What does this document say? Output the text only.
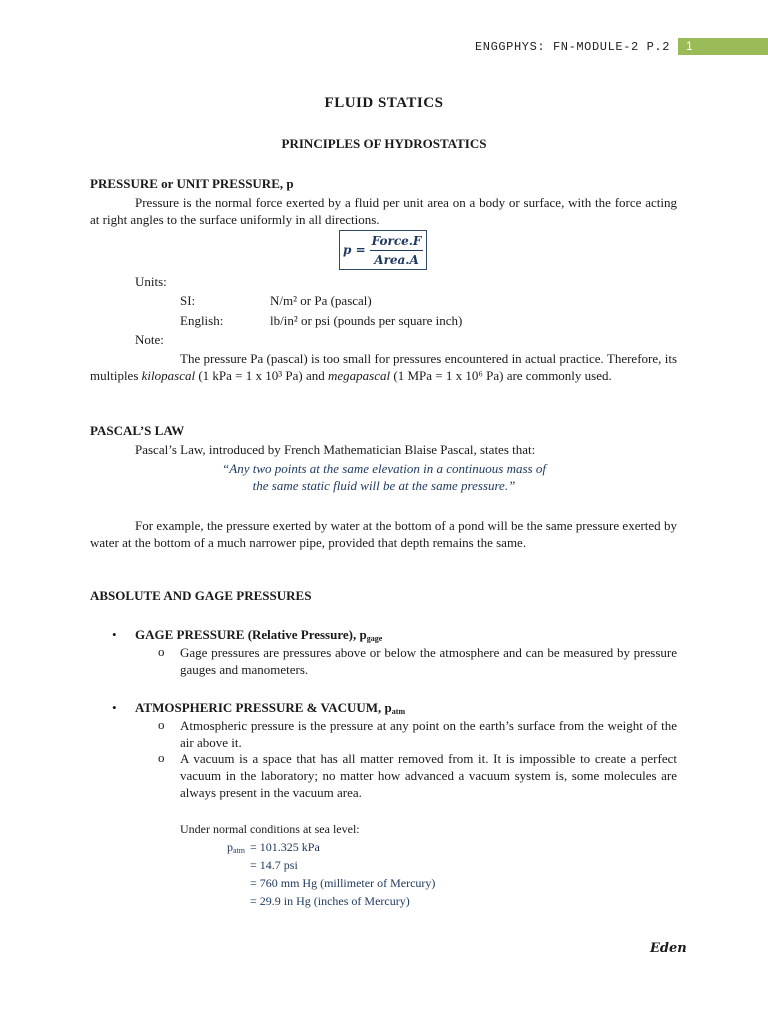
ENGGPHYS: FN-MODULE-2 P.2	1
FLUID STATICS
PRINCIPLES OF HYDROSTATICS
PRESSURE or UNIT PRESSURE, p
Pressure is the normal force exerted by a fluid per unit area on a body or surface, with the force acting at right angles to the surface uniformly in all directions.
$p = \frac{\text{Force.F}}{\text{Area.A}}$
Units:
SI:	N/m² or Pa (pascal)
English:	lb/in² or psi (pounds per square inch)
Note:
The pressure Pa (pascal) is too small for pressures encountered in actual practice. Therefore, its multiples kilopascal (1 kPa = 1 x 10³ Pa) and megapascal (1 MPa = 1 x 10⁶ Pa) are commonly used.
PASCAL’S LAW
Pascal’s Law, introduced by French Mathematician Blaise Pascal, states that:
“Any two points at the same elevation in a continuous mass of
the same static fluid will be at the same pressure.”
For example, the pressure exerted by water at the bottom of a pond will be the same pressure exerted by water at the bottom of a much narrower pipe, provided that depth remains the same.
ABSOLUTE AND GAGE PRESSURES
• GAGE PRESSURE (Relative Pressure), $p_{gage}$
o Gage pressures are pressures above or below the atmosphere and can be measured by pressure gauges and manometers.
• ATMOSPHERIC PRESSURE & VACUUM, $p_{atm}$
o Atmospheric pressure is the pressure at any point on the earth’s surface from the weight of the air above it.
o A vacuum is a space that has all matter removed from it. It is impossible to create a perfect vacuum in the laboratory; no matter how advanced a vacuum system is, some molecules are always present in the vacuum area.
Under normal conditions at sea level:
$p_{atm} = 101.325$ kPa
= 14.7 psi
= 760 mm Hg (millimeter of Mercury)
= 29.9 in Hg (inches of Mercury)
Eden
